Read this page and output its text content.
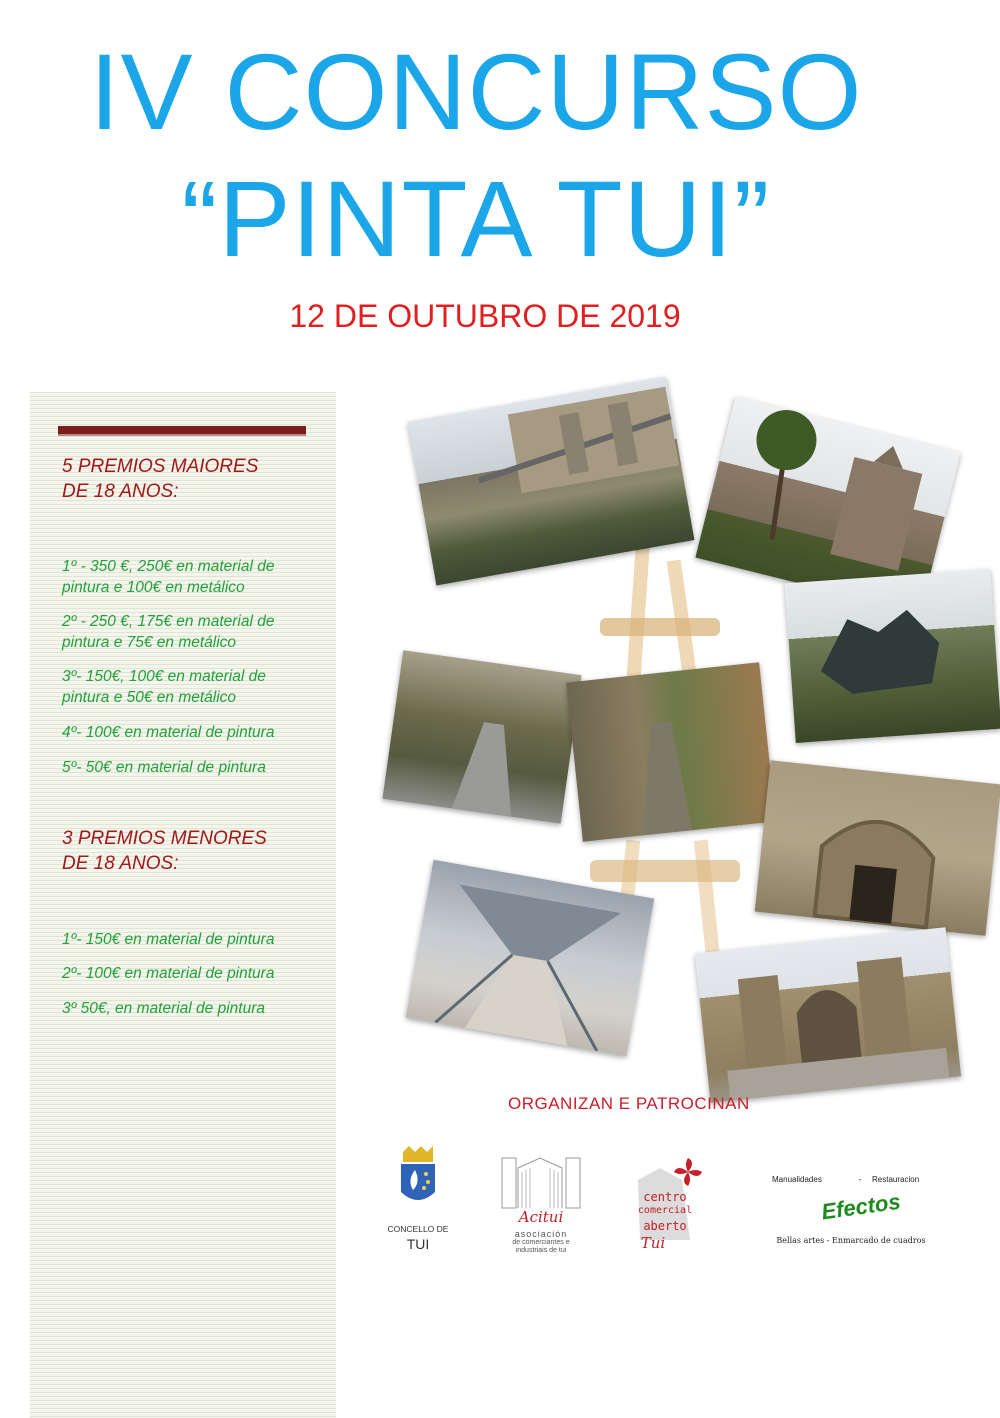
IV CONCURSO
“PINTA TUI”
12 DE OUTUBRO DE 2019
5 PREMIOS MAIORES
DE 18 ANOS:
1º - 350 €, 250€ en material de
pintura e 100€ en metálico
2º - 250 €, 175€ en material de
pintura e 75€ en metálico
3º- 150€, 100€ en material de
pintura e 50€ en metálico
4º- 100€ en material de pintura
5º- 50€ en material de pintura
3 PREMIOS MENORES
DE 18 ANOS:
1º- 150€ en material de pintura
2º- 100€ en material de pintura
3º 50€, en material de pintura
ORGANIZAN E PATROCINAN
CONCELLO DE
TUI
Acitui
asociación
de comerciantes e
industriais de tui
centro
comercial
aberto
Tui
Manualidades	-	Restauracion
Efectos
Bellas artes - Enmarcado de cuadros
